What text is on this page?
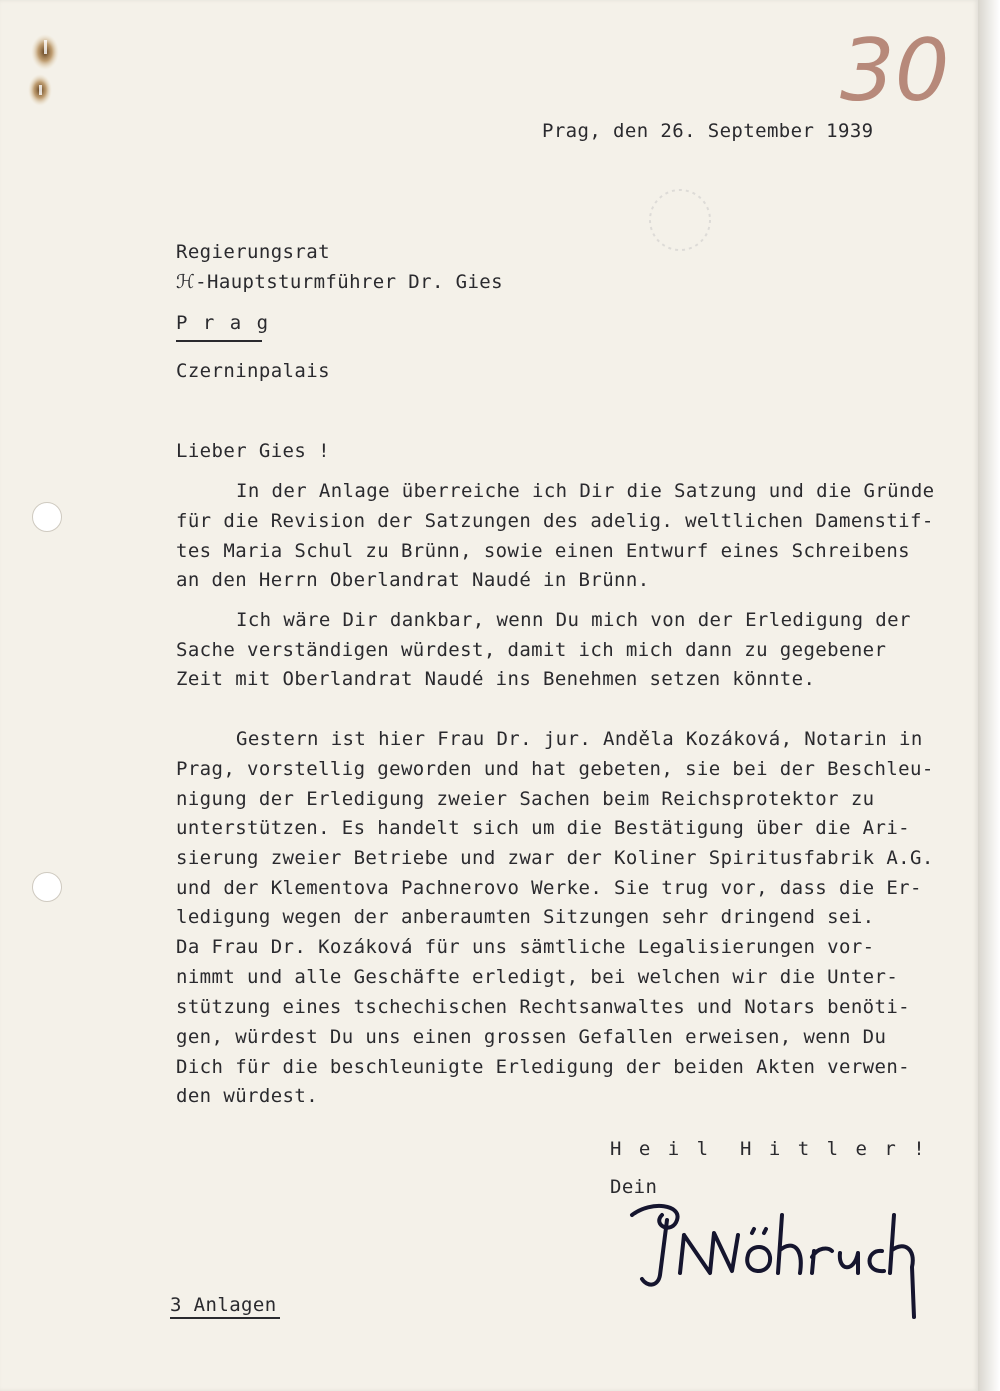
30
Prag, den 26. September 1939
Regierungsrat
ℋ-Hauptsturmführer Dr. Gies
P r a g
Czerninpalais
Lieber Gies !
In der Anlage überreiche ich Dir die Satzung und die Gründe
für die Revision der Satzungen des adelig. weltlichen Damenstif-
tes Maria Schul zu Brünn, sowie einen Entwurf eines Schreibens
an den Herrn Oberlandrat Naudé in Brünn.
Ich wäre Dir dankbar, wenn Du mich von der Erledigung der
Sache verständigen würdest, damit ich mich dann zu gegebener
Zeit mit Oberlandrat Naudé ins Benehmen setzen könnte.
Gestern ist hier Frau Dr. jur. Anděla Kozáková, Notarin in
Prag, vorstellig geworden und hat gebeten, sie bei der Beschleu-
nigung der Erledigung zweier Sachen beim Reichsprotektor zu
unterstützen. Es handelt sich um die Bestätigung über die Ari-
sierung zweier Betriebe und zwar der Koliner Spiritusfabrik A.G.
und der Klementova Pachnerovo Werke. Sie trug vor, dass die Er-
ledigung wegen der anberaumten Sitzungen sehr dringend sei.
Da Frau Dr. Kozáková für uns sämtliche Legalisierungen vor-
nimmt und alle Geschäfte erledigt, bei welchen wir die Unter-
stützung eines tschechischen Rechtsanwaltes und Notars benöti-
gen, würdest Du uns einen grossen Gefallen erweisen, wenn Du
Dich für die beschleunigte Erledigung der beiden Akten verwen-
den würdest.
H e i l  H i t l e r !
Dein
3 Anlagen
